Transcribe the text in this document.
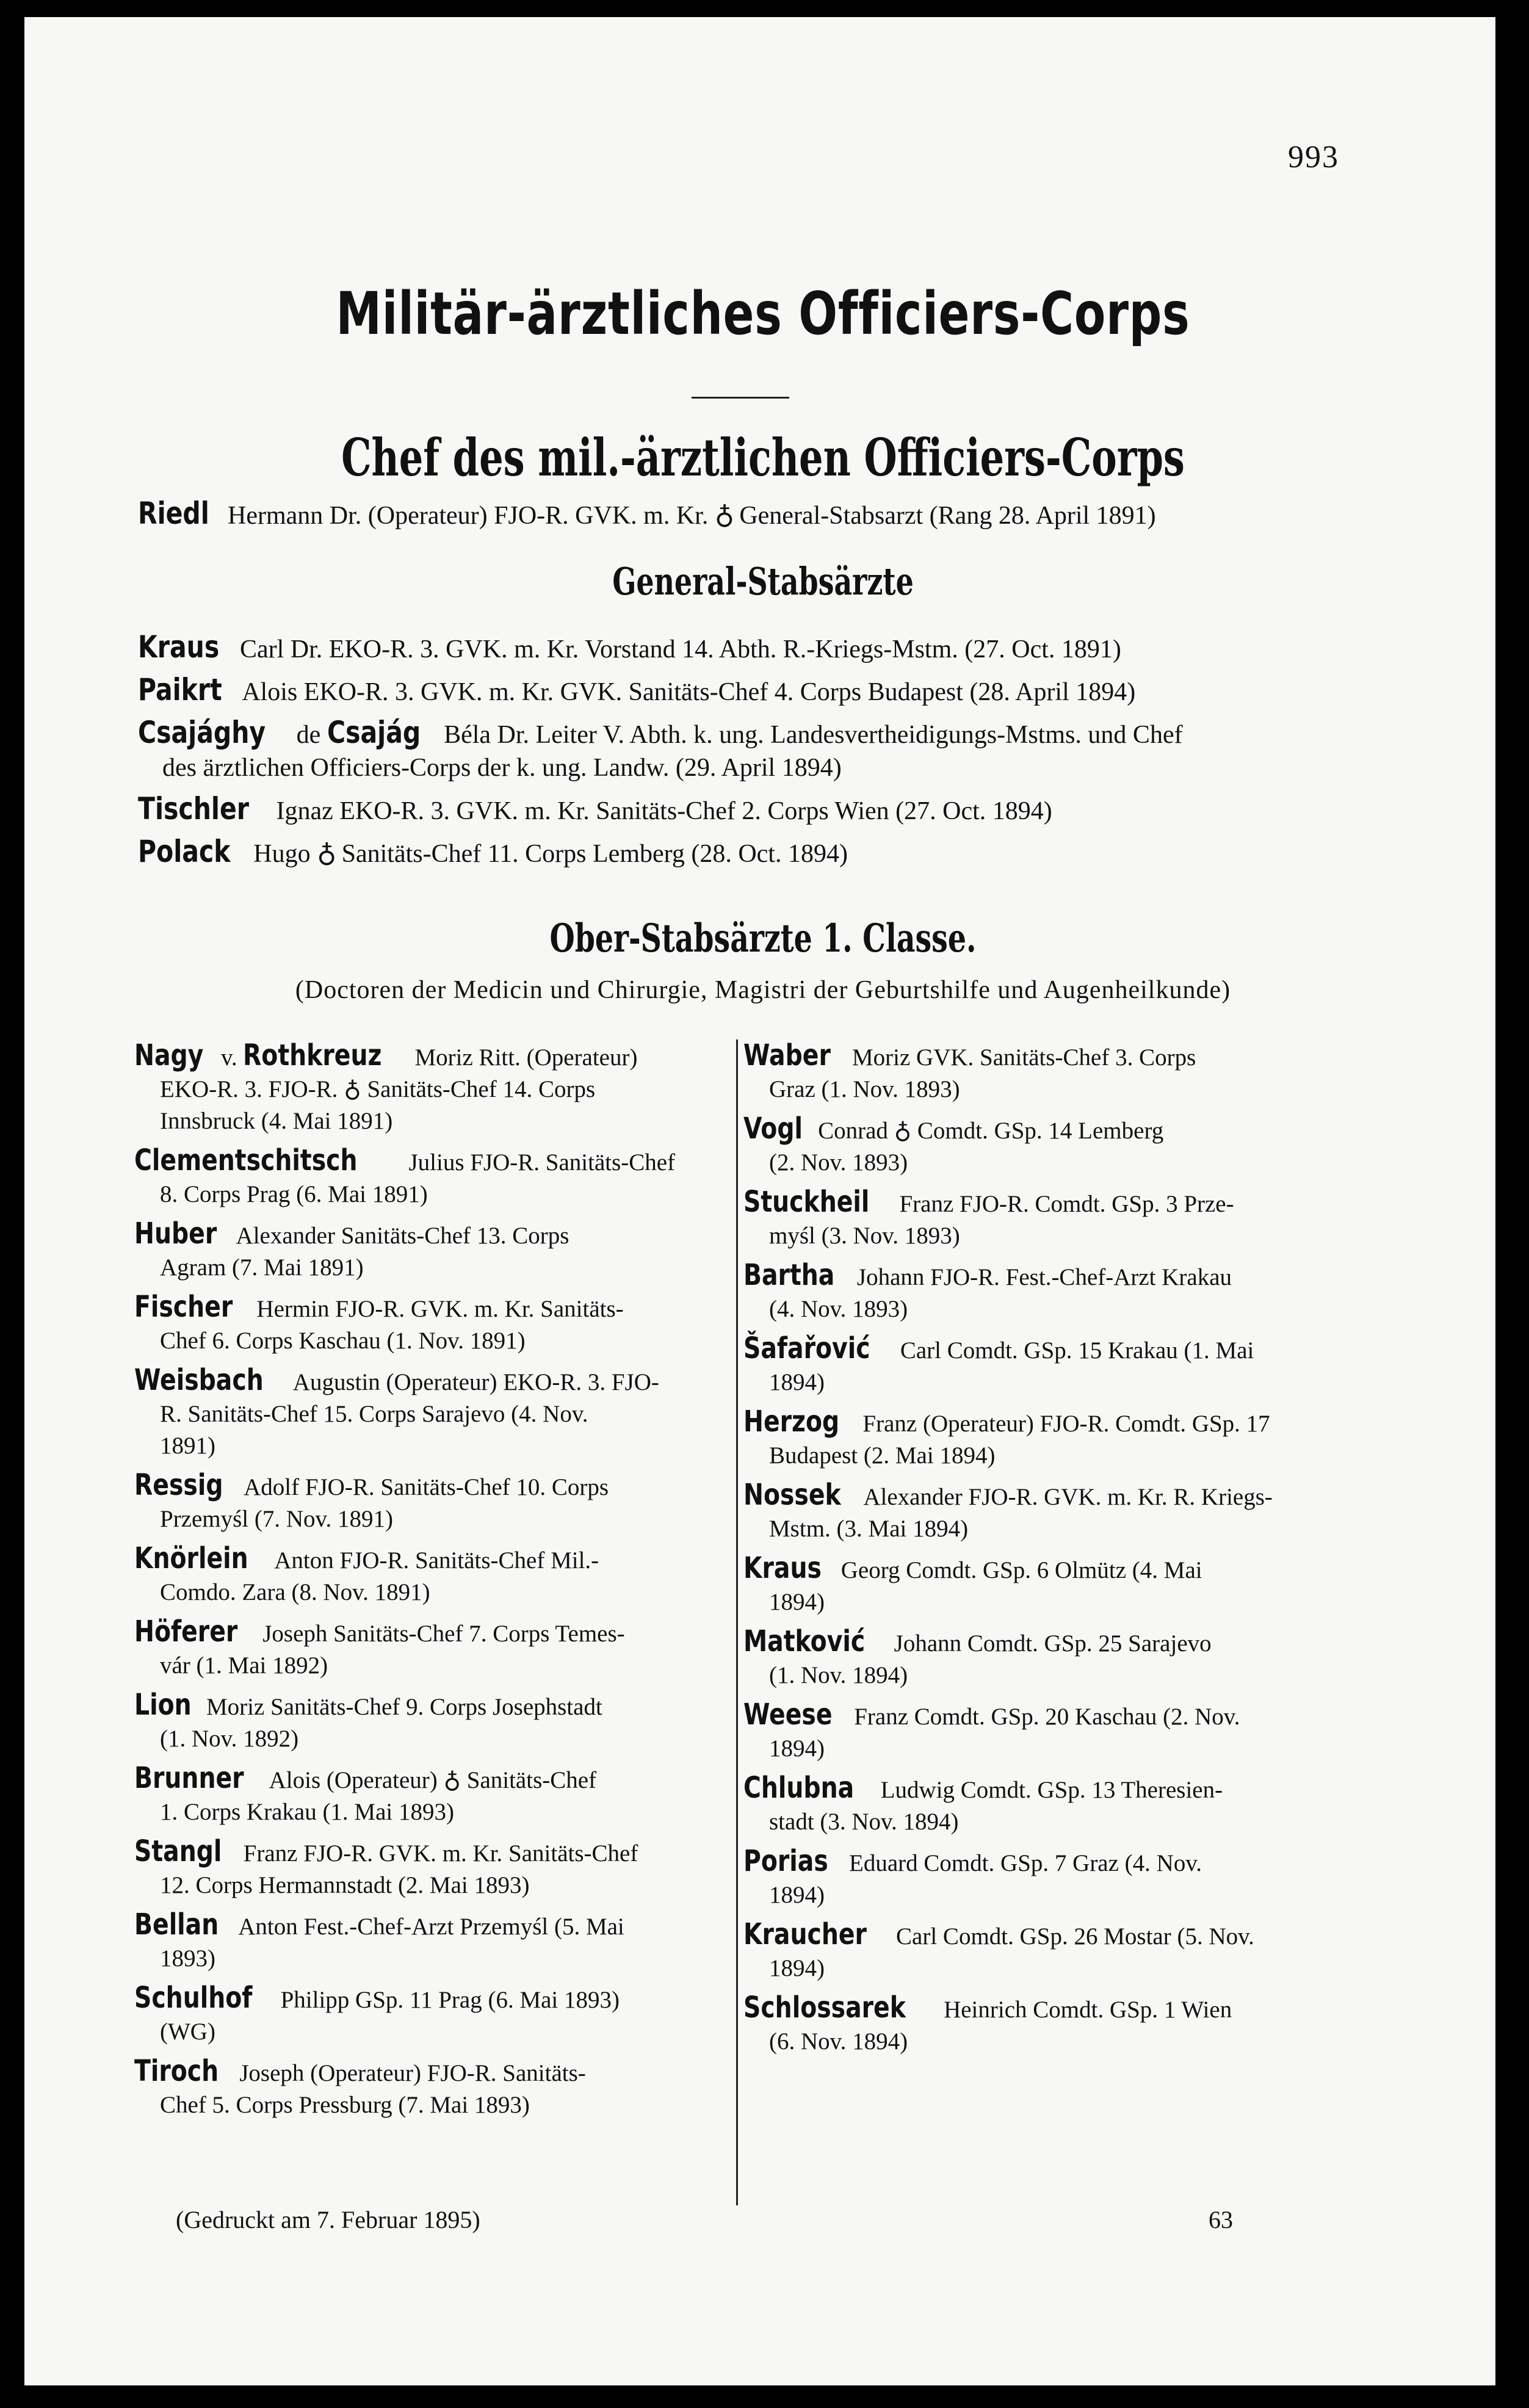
993
Militär-ärztliches Officiers-Corps
Chef des mil.-ärztlichen Officiers-Corps
Riedl Hermann Dr. (Operateur) FJO-R. GVK. m. Kr. ♁ General-Stabsarzt (Rang 28. April 1891)
General-Stabsärzte
Kraus Carl Dr. EKO-R. 3. GVK. m. Kr. Vorstand 14. Abth. R.-Kriegs-Mstm. (27. Oct. 1891)
Paikrt Alois EKO-R. 3. GVK. m. Kr. GVK. Sanitäts-Chef 4. Corps Budapest (28. April 1894)
Csajághy de Csajág Béla Dr. Leiter V. Abth. k. ung. Landesvertheidigungs-Mstms. und Chef
des ärztlichen Officiers-Corps der k. ung. Landw. (29. April 1894)
Tischler Ignaz EKO-R. 3. GVK. m. Kr. Sanitäts-Chef 2. Corps Wien (27. Oct. 1894)
Polack Hugo ♁ Sanitäts-Chef 11. Corps Lemberg (28. Oct. 1894)
Ober-Stabsärzte 1. Classe.
(Doctoren der Medicin und Chirurgie, Magistri der Geburtshilfe und Augenheilkunde)
Nagy v. Rothkreuz Moriz Ritt. (Operateur)
EKO-R. 3. FJO-R. ♁ Sanitäts-Chef 14. Corps
Innsbruck (4. Mai 1891)
Clementschitsch Julius FJO-R. Sanitäts-Chef
8. Corps Prag (6. Mai 1891)
Huber Alexander Sanitäts-Chef 13. Corps
Agram (7. Mai 1891)
Fischer Hermin FJO-R. GVK. m. Kr. Sanitäts-
Chef 6. Corps Kaschau (1. Nov. 1891)
Weisbach Augustin (Operateur) EKO-R. 3. FJO-
R. Sanitäts-Chef 15. Corps Sarajevo (4. Nov.
1891)
Ressig Adolf FJO-R. Sanitäts-Chef 10. Corps
Przemyśl (7. Nov. 1891)
Knörlein Anton FJO-R. Sanitäts-Chef Mil.-
Comdo. Zara (8. Nov. 1891)
Höferer Joseph Sanitäts-Chef 7. Corps Temes-
vár (1. Mai 1892)
Lion Moriz Sanitäts-Chef 9. Corps Josephstadt
(1. Nov. 1892)
Brunner Alois (Operateur) ♁ Sanitäts-Chef
1. Corps Krakau (1. Mai 1893)
Stangl Franz FJO-R. GVK. m. Kr. Sanitäts-Chef
12. Corps Hermannstadt (2. Mai 1893)
Bellan Anton Fest.-Chef-Arzt Przemyśl (5. Mai
1893)
Schulhof Philipp GSp. 11 Prag (6. Mai 1893)
(WG)
Tiroch Joseph (Operateur) FJO-R. Sanitäts-
Chef 5. Corps Pressburg (7. Mai 1893)
Waber Moriz GVK. Sanitäts-Chef 3. Corps
Graz (1. Nov. 1893)
Vogl Conrad ♁ Comdt. GSp. 14 Lemberg
(2. Nov. 1893)
Stuckheil Franz FJO-R. Comdt. GSp. 3 Prze-
myśl (3. Nov. 1893)
Bartha Johann FJO-R. Fest.-Chef-Arzt Krakau
(4. Nov. 1893)
Šafařović Carl Comdt. GSp. 15 Krakau (1. Mai
1894)
Herzog Franz (Operateur) FJO-R. Comdt. GSp. 17
Budapest (2. Mai 1894)
Nossek Alexander FJO-R. GVK. m. Kr. R. Kriegs-
Mstm. (3. Mai 1894)
Kraus Georg Comdt. GSp. 6 Olmütz (4. Mai
1894)
Matković Johann Comdt. GSp. 25 Sarajevo
(1. Nov. 1894)
Weese Franz Comdt. GSp. 20 Kaschau (2. Nov.
1894)
Chlubna Ludwig Comdt. GSp. 13 Theresien-
stadt (3. Nov. 1894)
Porias Eduard Comdt. GSp. 7 Graz (4. Nov.
1894)
Kraucher Carl Comdt. GSp. 26 Mostar (5. Nov.
1894)
Schlossarek Heinrich Comdt. GSp. 1 Wien
(6. Nov. 1894)
(Gedruckt am 7. Februar 1895)	63
